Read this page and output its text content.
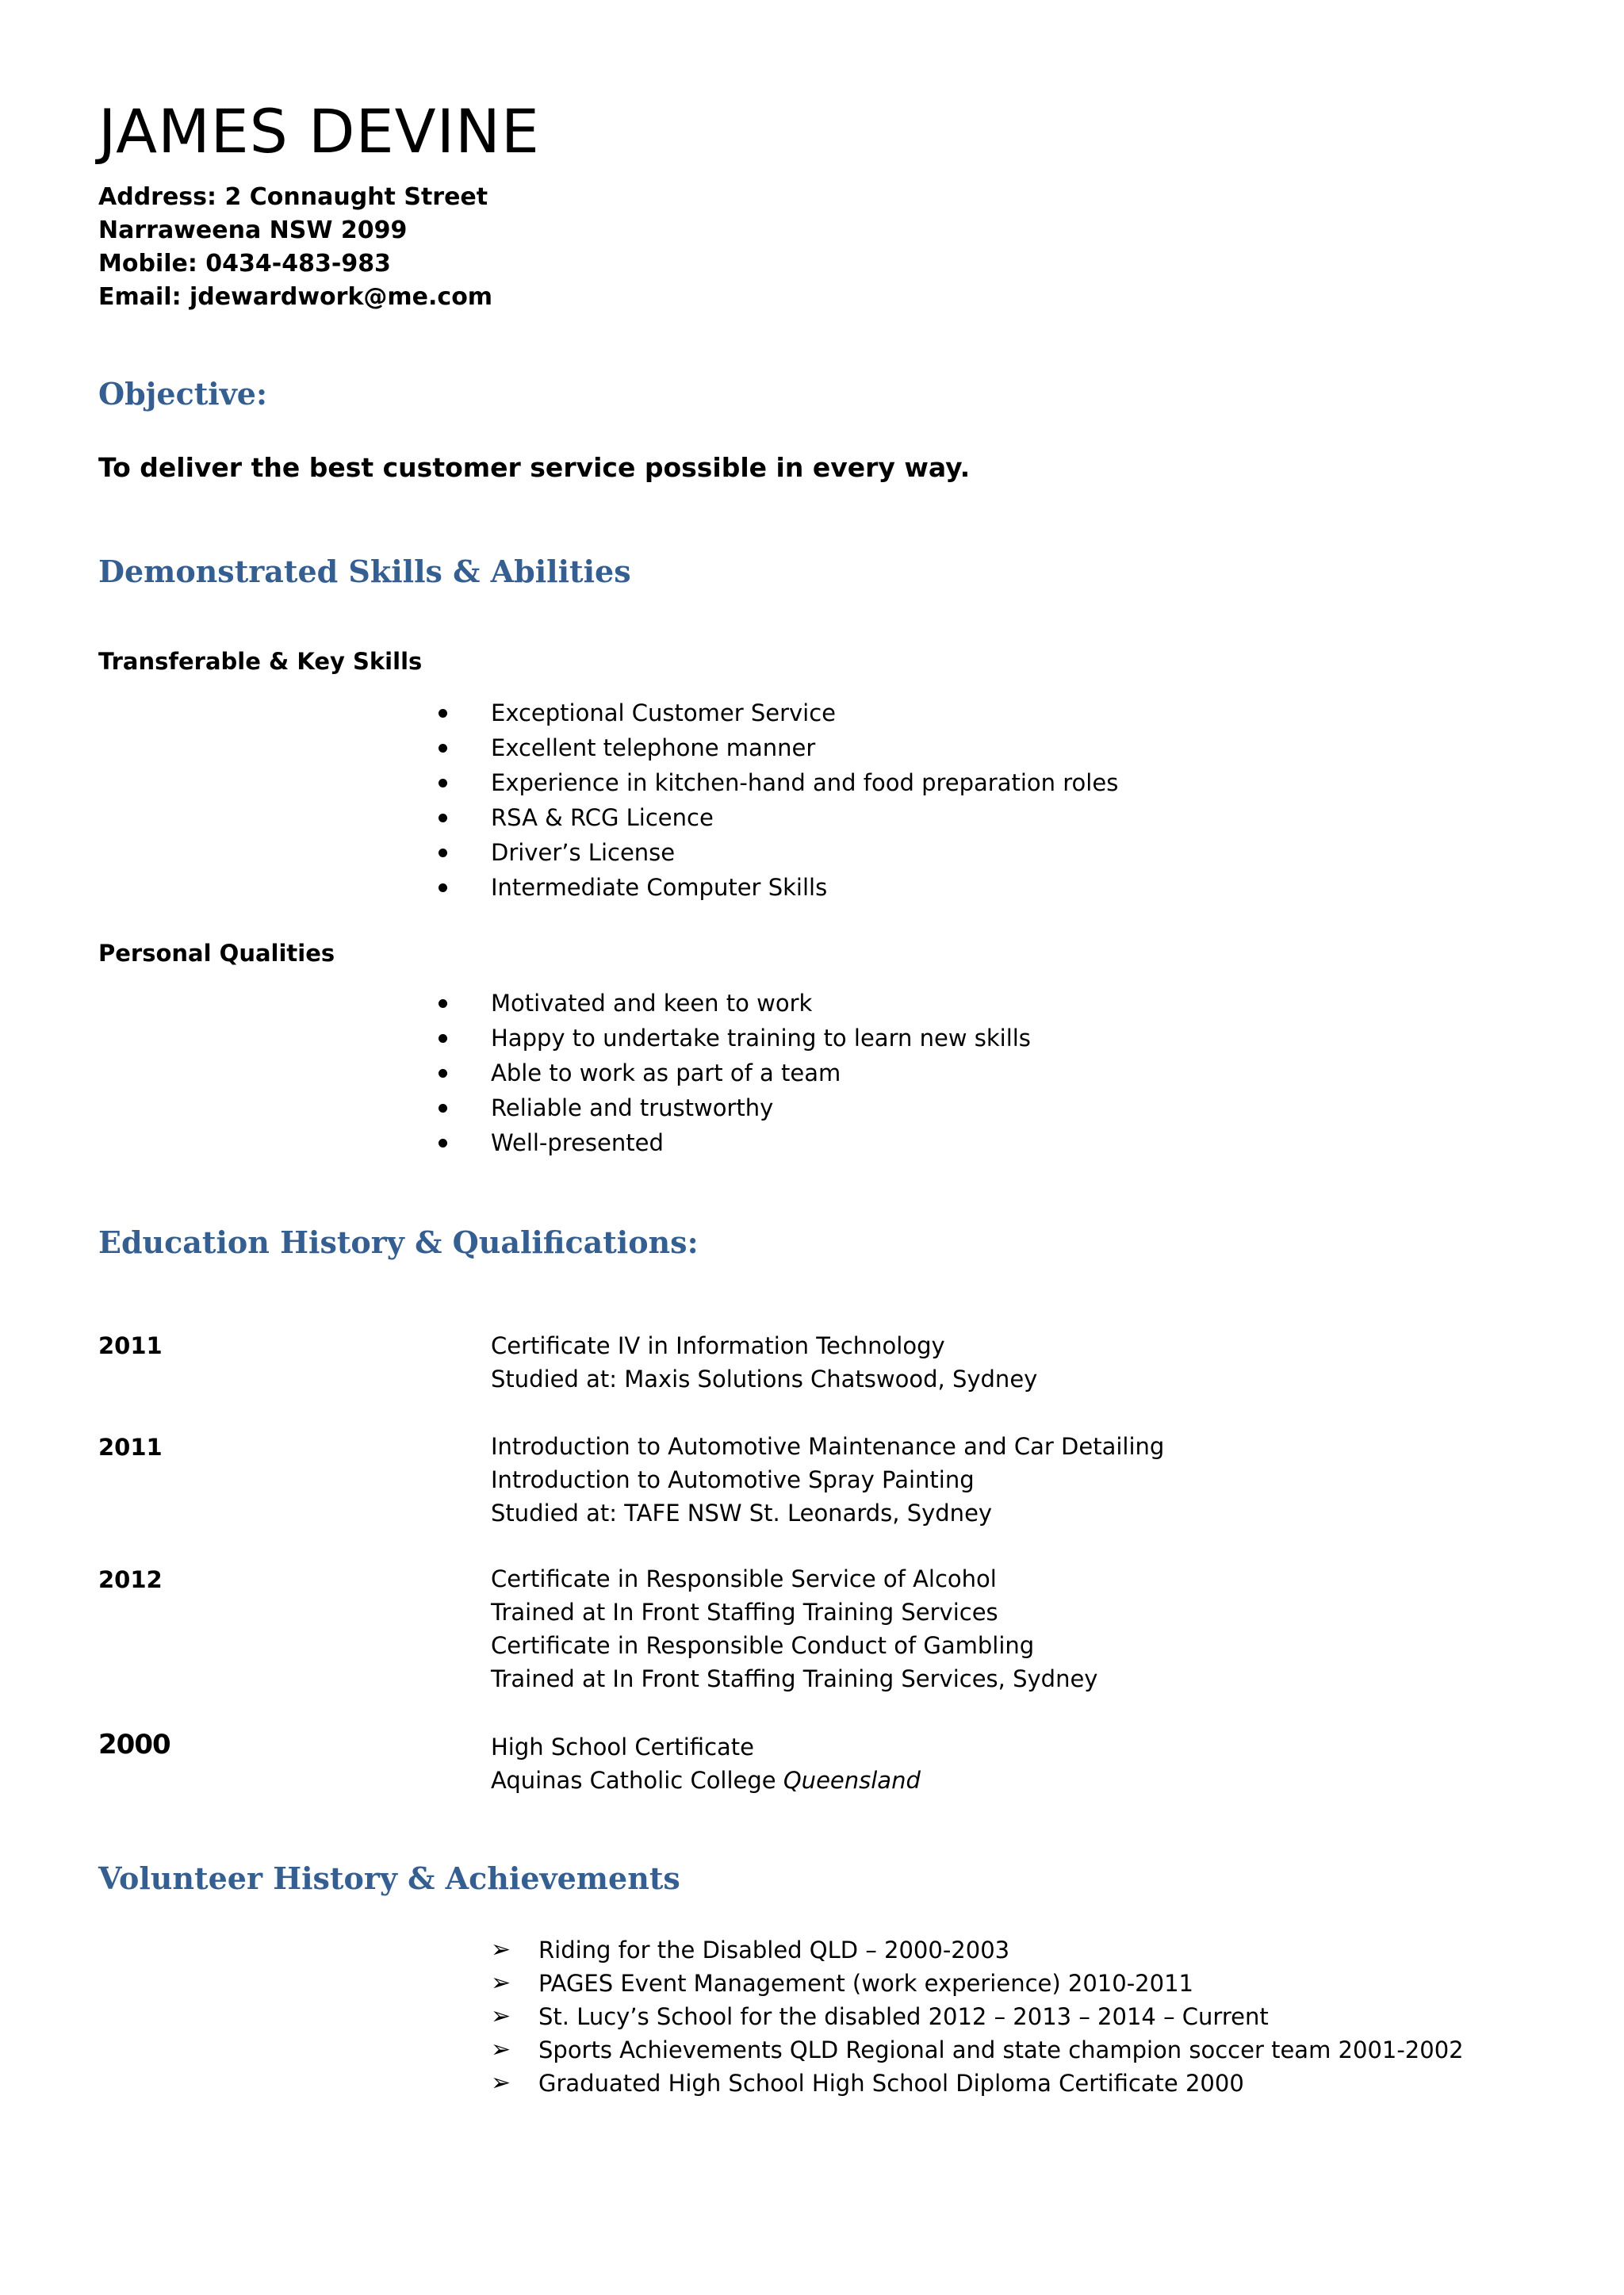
JAMES DEVINE
Address: 2 Connaught Street
Narraweena NSW 2099
Mobile: 0434-483-983
Email: jdewardwork@me.com
Objective:
To deliver the best customer service possible in every way.
Demonstrated Skills & Abilities
Transferable & Key Skills
Exceptional Customer Service
Excellent telephone manner
Experience in kitchen-hand and food preparation roles
RSA & RCG Licence
Driver’s License
Intermediate Computer Skills
Personal Qualities
Motivated and keen to work
Happy to undertake training to learn new skills
Able to work as part of a team
Reliable and trustworthy
Well-presented
Education History & Qualifications:
2011	Certificate IV in Information Technology
Studied at: Maxis Solutions Chatswood, Sydney
2011	Introduction to Automotive Maintenance and Car Detailing
Introduction to Automotive Spray Painting
Studied at: TAFE NSW St. Leonards, Sydney
2012	Certificate in Responsible Service of Alcohol
Trained at In Front Staffing Training Services
Certificate in Responsible Conduct of Gambling
Trained at In Front Staffing Training Services, Sydney
2000	High School Certificate
Aquinas Catholic College Queensland
Volunteer History & Achievements
➢ Riding for the Disabled QLD – 2000-2003
➢ PAGES Event Management (work experience) 2010-2011
➢ St. Lucy’s School for the disabled 2012 – 2013 – 2014 – Current
➢ Sports Achievements QLD Regional and state champion soccer team 2001-2002
➢ Graduated High School High School Diploma Certificate 2000
